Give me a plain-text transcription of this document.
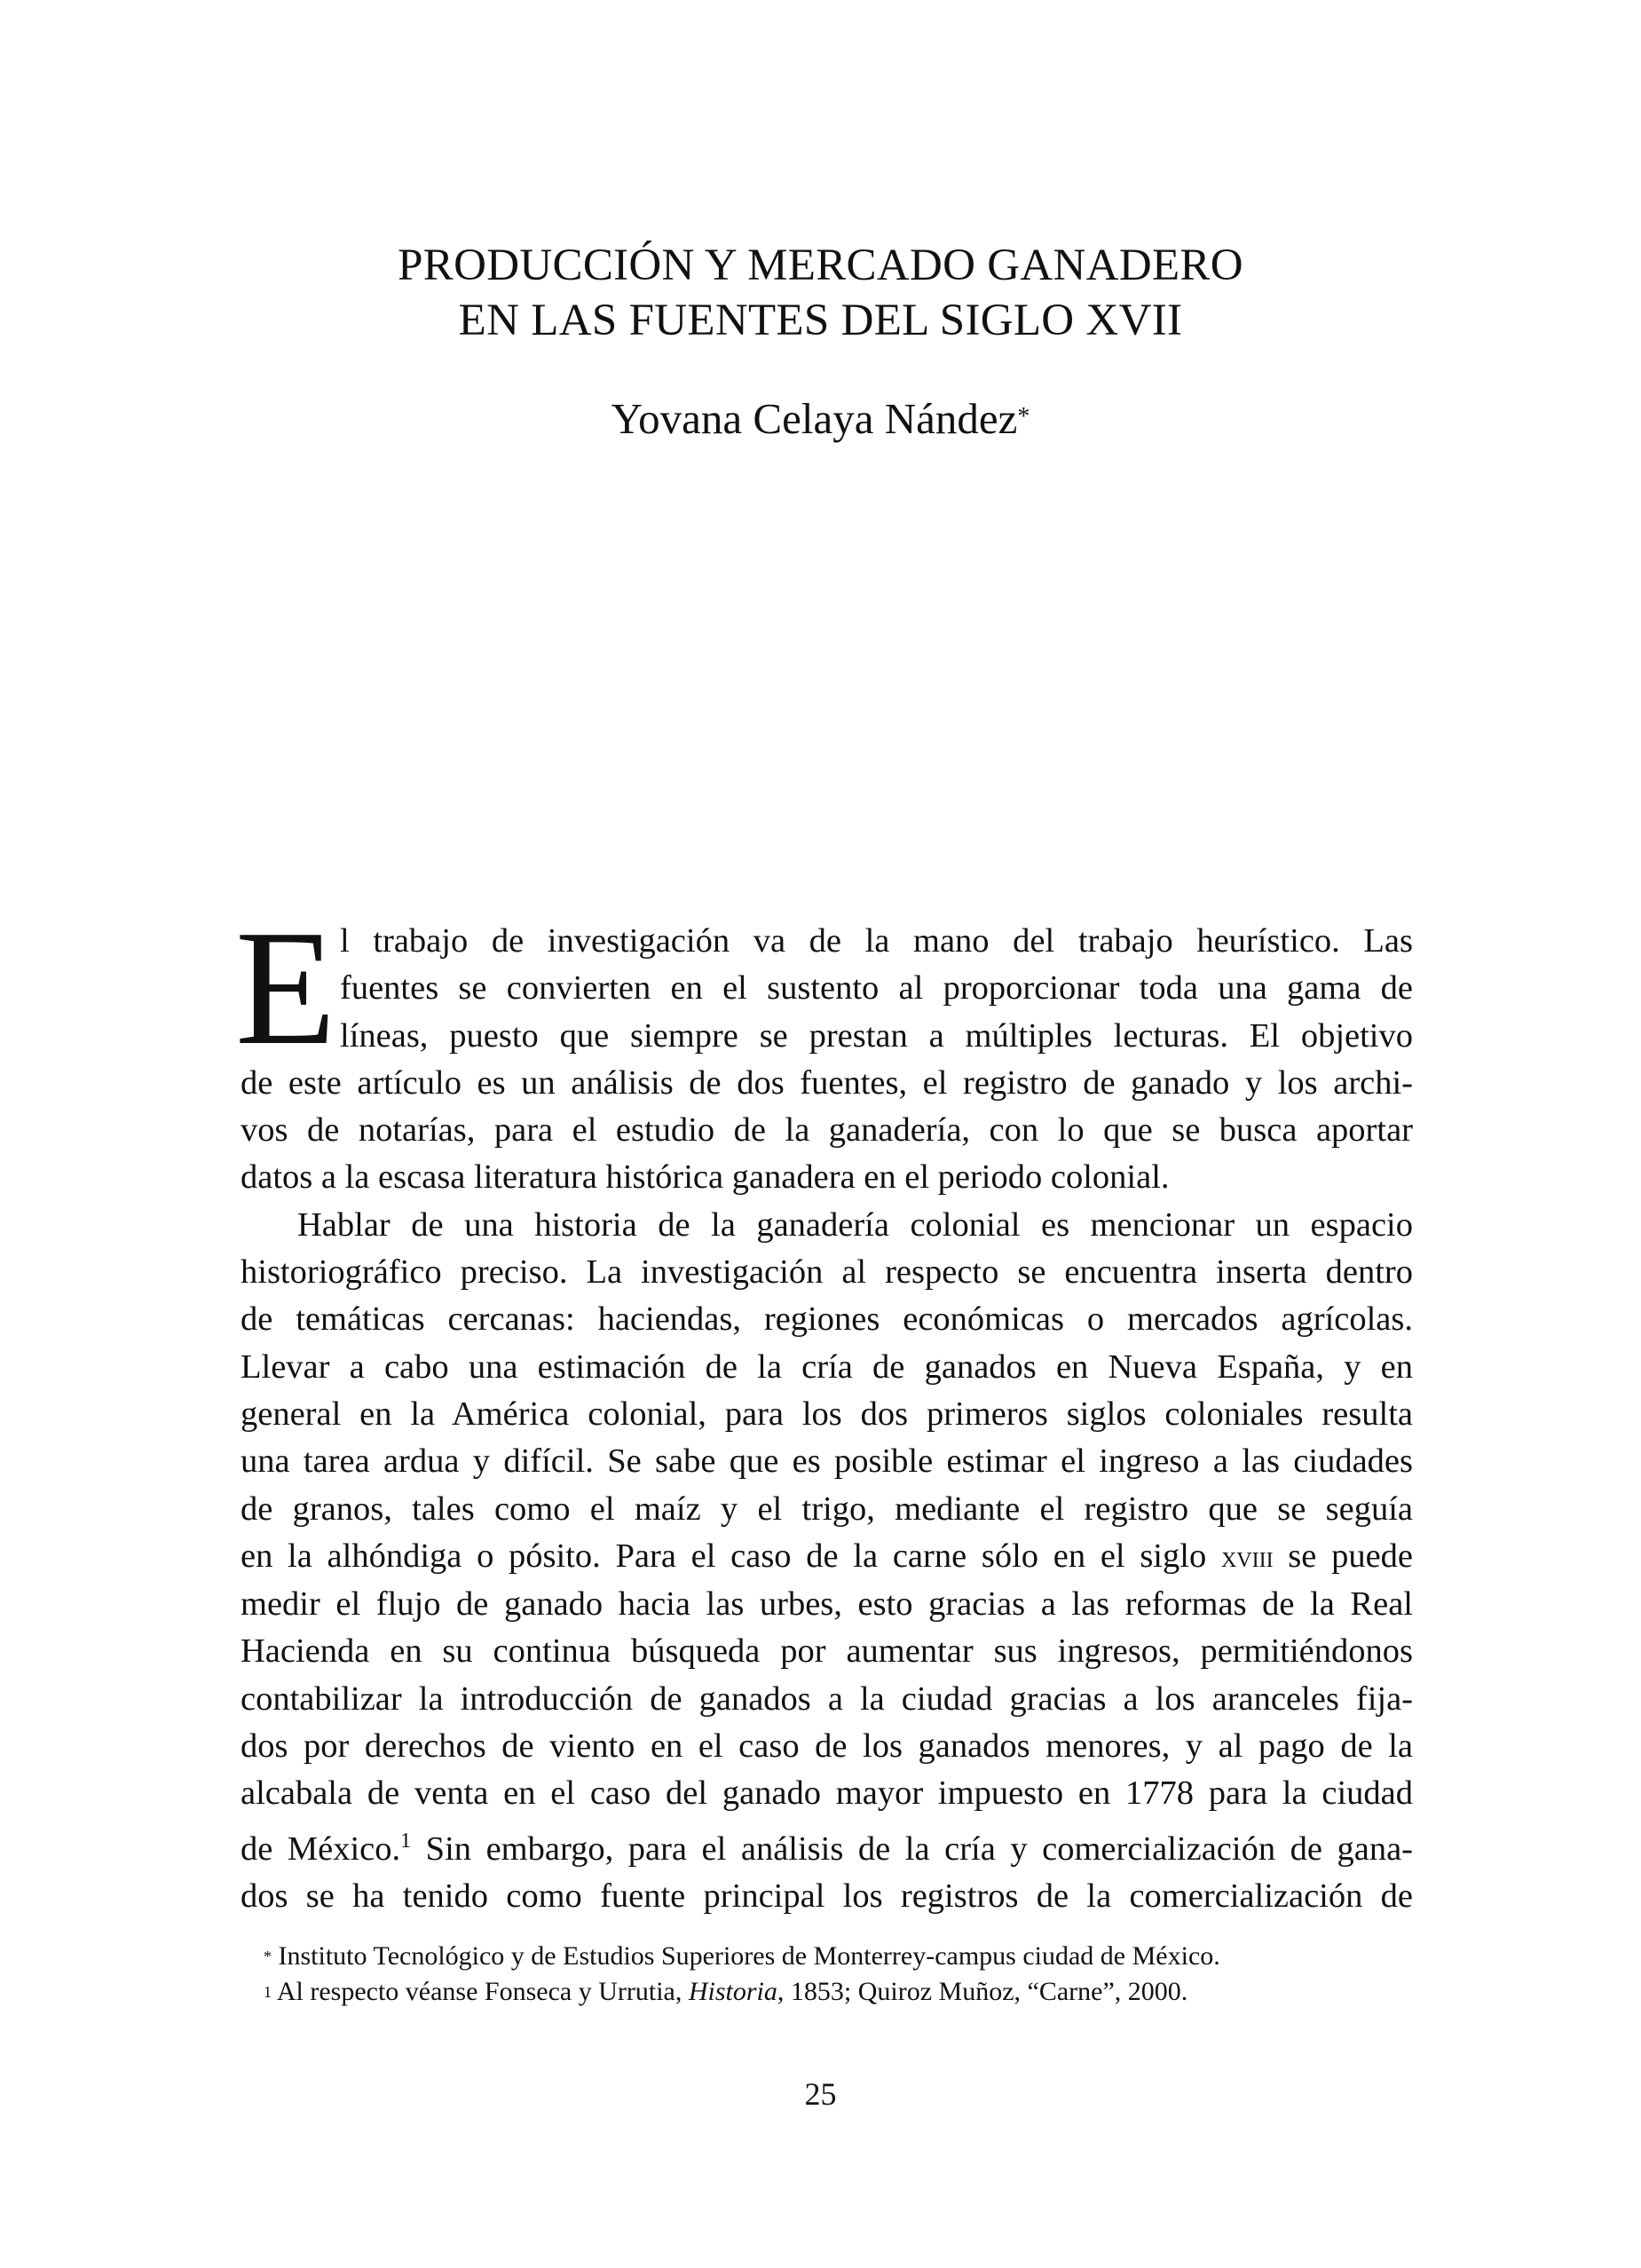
PRODUCCIÓN Y MERCADO GANADERO
EN LAS FUENTES DEL SIGLO XVII
Yovana Celaya Nández*

E l trabajo de investigación va de la mano del trabajo heurístico. Las
fuentes se convierten en el sustento al proporcionar toda una gama de
líneas, puesto que siempre se prestan a múltiples lecturas. El objetivo
de este artículo es un análisis de dos fuentes, el registro de ganado y los archi-
vos de notarías, para el estudio de la ganadería, con lo que se busca aportar
datos a la escasa literatura histórica ganadera en el periodo colonial.

Hablar de una historia de la ganadería colonial es mencionar un espacio
historiográfico preciso. La investigación al respecto se encuentra inserta dentro
de temáticas cercanas: haciendas, regiones económicas o mercados agrícolas.
Llevar a cabo una estimación de la cría de ganados en Nueva España, y en
general en la América colonial, para los dos primeros siglos coloniales resulta
una tarea ardua y difícil. Se sabe que es posible estimar el ingreso a las ciudades
de granos, tales como el maíz y el trigo, mediante el registro que se seguía
en la alhóndiga o pósito. Para el caso de la carne sólo en el siglo xviii se puede
medir el flujo de ganado hacia las urbes, esto gracias a las reformas de la Real
Hacienda en su continua búsqueda por aumentar sus ingresos, permitiéndonos
contabilizar la introducción de ganados a la ciudad gracias a los aranceles fija-
dos por derechos de viento en el caso de los ganados menores, y al pago de la
alcabala de venta en el caso del ganado mayor impuesto en 1778 para la ciudad
de México.$^1$ Sin embargo, para el análisis de la cría y comercialización de gana-
dos se ha tenido como fuente principal los registros de la comercialización de

* Instituto Tecnológico y de Estudios Superiores de Monterrey-campus ciudad de México.
$^1$ Al respecto véanse Fonseca y Urrutia, Historia, 1853; Quiroz Muñoz, “Carne”, 2000.
25
